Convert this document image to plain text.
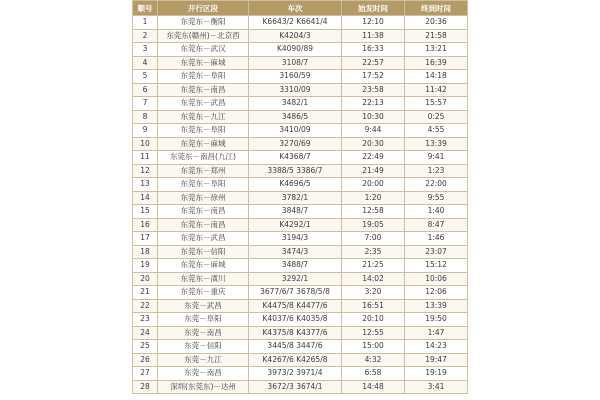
顺号	开行区段	车次	始发时间	终到时间
1	东莞东－衡阳	K6643/2 K6641/4	12:10	20:36
2	东莞东(赣州)－北京西	K4204/3	11:38	21:58
3	东莞东－武汉	K4090/89	16:33	13:21
4	东莞东－麻城	3108/7	22:57	16:39
5	东莞东－阜阳	3160/59	17:52	14:18
6	东莞东－南昌	3310/09	23:58	11:42
7	东莞东－武昌	3482/1	22:13	15:57
8	东莞东－九江	3486/5	10:30	0:25
9	东莞东－阜阳	3410/09	9:44	4:55
10	东莞东－麻城	3270/69	20:30	13:39
11	东莞东－南昌(九江)	K4368/7	22:49	9:41
12	东莞东－郑州	3388/5 3386/7	21:49	1:23
13	东莞东－阜阳	K4696/5	20:00	22:00
14	东莞东－徐州	3782/1	1:20	9:55
15	东莞东－南昌	3848/7	12:58	1:40
16	东莞东－南昌	K4292/1	19:05	8:47
17	东莞东－武昌	3194/3	7:00	1:46
18	东莞东－信阳	3474/3	2:35	23:07
19	东莞东－麻城	3488/7	21:25	15:12
20	东莞东－潢川	3292/1	14:02	10:06
21	东莞东－重庆	3677/6/7 3678/5/8	3:20	12:06
22	东莞－武昌	K4475/8 K4477/6	16:51	13:39
23	东莞－阜阳	K4037/6 K4035/8	20:10	19:50
24	东莞－南昌	K4375/8 K4377/6	12:55	1:47
25	东莞－信阳	3445/8 3447/6	15:00	14:23
26	东莞－九江	K4267/6 K4265/8	4:32	19:47
27	东莞－南昌	3973/2 3971/4	6:58	19:19
28	深圳(东莞东)－达州	3672/3 3674/1	14:48	3:41
